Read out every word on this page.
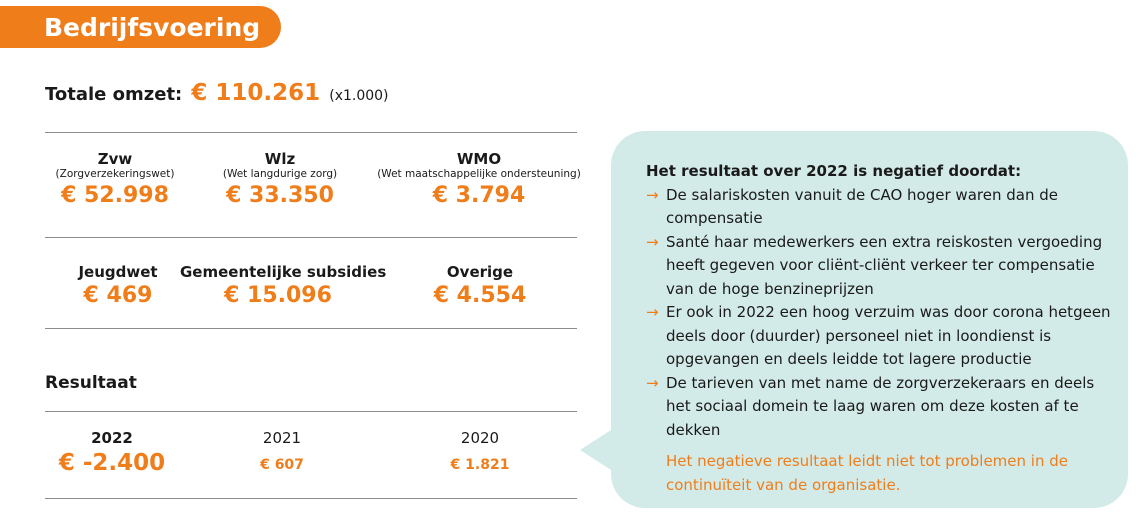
Bedrijfsvoering
Totale omzet: € 110.261 (x1.000)
Zvw
(Zorgverzekeringswet)
€ 52.998
Wlz
(Wet langdurige zorg)
€ 33.350
WMO
(Wet maatschappelijke ondersteuning)
€ 3.794
Jeugdwet
€ 469
Gemeentelijke subsidies
€ 15.096
Overige
€ 4.554
Resultaat
2022
€ -2.400
2021
€ 607
2020
€ 1.821
Het resultaat over 2022 is negatief doordat:
→ De salariskosten vanuit de CAO hoger waren dan de compensatie
→ Santé haar medewerkers een extra reiskosten vergoeding heeft gegeven voor cliënt-cliënt verkeer ter compensatie van de hoge benzineprijzen
→ Er ook in 2022 een hoog verzuim was door corona hetgeen deels door (duurder) personeel niet in loondienst is opgevangen en deels leidde tot lagere productie
→ De tarieven van met name de zorgverzekeraars en deels het sociaal domein te laag waren om deze kosten af te dekken
Het negatieve resultaat leidt niet tot problemen in de continuïteit van de organisatie.
